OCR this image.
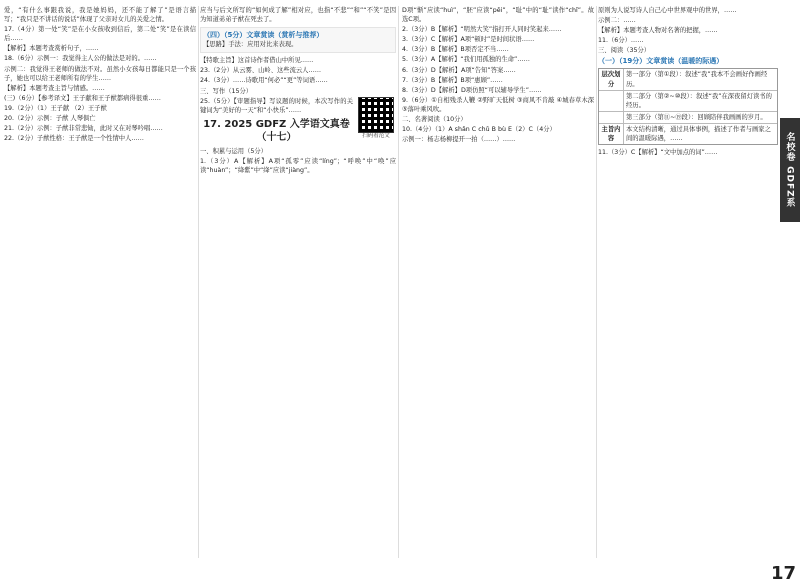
爱，“有什么事跟我说，我是她妈妈，还不能了解了”是语言描写；“我只是不讲话的说话”体现了父亲对女儿的关爱之情。

17.（4分）第一处“笑”是在小女孩收到信后，第二处“笑”是在读信后……

【解析】本题考查赏析句子，……

18.（6分）示例一：我觉得主人公的做法是对的。……

示例二：我觉得王老师的做法不对。虽然小女孩每日都能只是一个孩子，她也可以给王老师所有的学生……

【解析】本题考查主旨与情感。……

(三)（6分）【参考译文】王子献和王子猷都病得很重……

19.（2分）（1）王子献 （2）王子猷

20.（2分）示例：子猷 人琴俱亡

21.（2分）示例：子猷非常悲恸，此时又在对琴吟唱……

22.（2分）子猷性格：王子猷是一个性情中人……

应当与后文所写的“如何成了解”相对应，也指“不悲”“和”“不笑”是因为知道弟弟子猷在死去了。

（四）（5分）文章赏读（赏析与推荐）

【思路】手法：应用对比来表现。

【特歌主旨】这首诗作者借山中所见……

23.（2分）从云雾、山岭、这些流云人……

24.（3分）……诗歌用“何必”“更”等词语……

三、写作（15分）

扫码看范文

25.（5分）【审题指导】写议题的时候，本次写作的关键词为“美好的一天”和“小快乐”……

17. 2025 GDFZ 入学语文真卷（十七）

一、积累与运用（5分）

1.（3分）A【解析】A项“孤零”应读“líng”；“呼唤”中“唤”应读“huàn”；“绛紫”中“绛”应读“jiàng”。

D项“惭”应读“huì”，“胚”应读“pēi”，“耻”中的“耻”读作“chǐ”。故选C项。

2.（3分）B【解析】“明然大笑”指打开人同时笑起来……

3.（3分）C【解析】A项“顿时”是时间状语……

4.（3分）B【解析】B项否定不当……

5.（3分）A【解析】“我们用孤独的生命”……

6.（3分）D【解析】A项“告知”答案……

7.（3分）B【解析】B项“惠顾”……

8.（3分）D【解析】D项仿照“可以辅导学生”……

9.（6分）①自相残杀人鞭 ②野旷天低树 ③商风不肯敲 ④城春草木深 ⑤落叶乘风吹。

二、名著阅读（10分）

10.（4分）（1）A shǎn C chǔ B bù E（2）C（4分）

示例一：杨志杨柳提开一拍（……）……

原则为人说写诗人自己心中世界观中的世界，……

示例二：……

【解析】本题考查人物对名著的把握，……

11.（6分）……

三、阅读（35分）

（一）（19分）文章赏读（温暖的际遇）
层次划分
第一部分（第①段）：叙述“我”我本不会画好作画经历。
第二部分（第②~⑩段）：叙述“我”在深夜留灯读书的经历。
第三部分（第⑪~⑲段）：回顾陪伴我画画的岁月。
主旨内容
本文结构清晰，通过具体事例，描述了作者与画家之间的温暖际遇，……

11.（3分）C【解析】“文中加点的词”……	名校卷 GDFZ系
17
